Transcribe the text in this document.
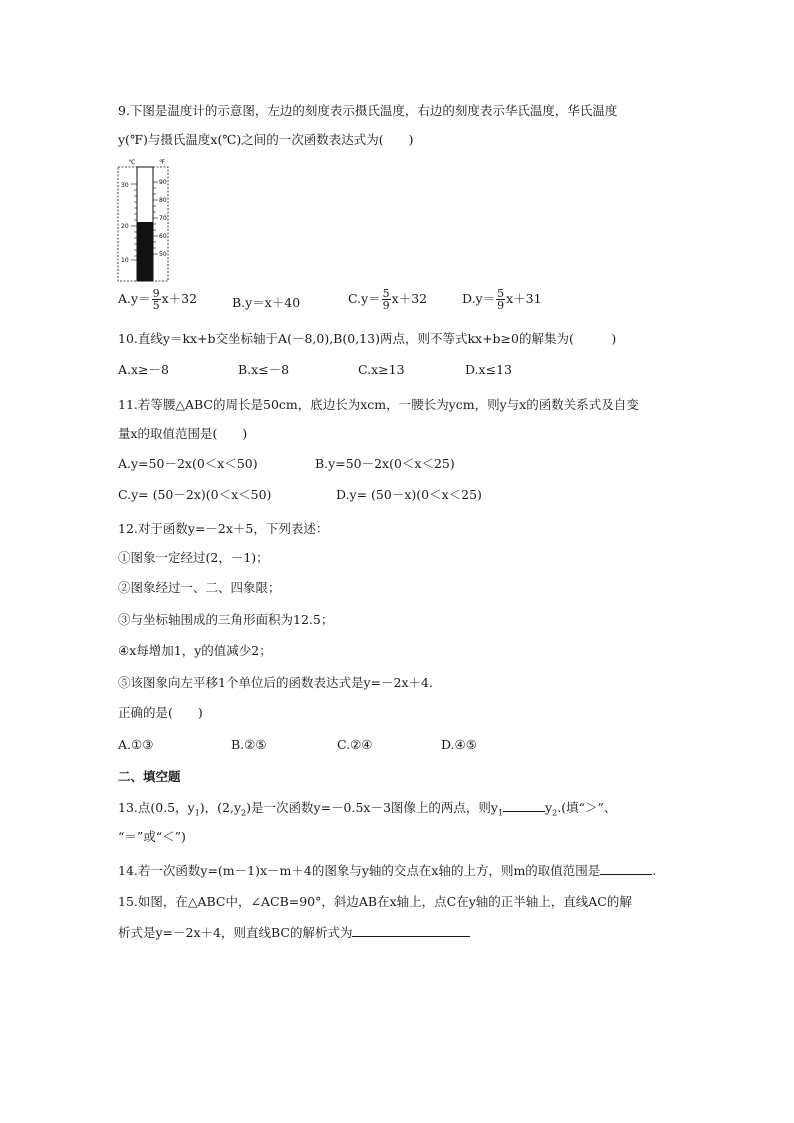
9.下图是温度计的示意图，左边的刻度表示摄氏温度，右边的刻度表示华氏温度，华氏温度
y(℉)与摄氏温度x(℃)之间的一次函数表达式为(　　)
℃	℉
30
20
10
90
80
70
60
50
$A.y= \frac{9}{5} x+32$	B.y＝x＋40	$C.y= \frac{5}{9} x+32$	$D.y= \frac{5}{9} x+31$
10.直线y＝kx+b交坐标轴于A(－8,0),B(0,13)两点，则不等式kx+b≥0的解集为(　　　)
A.x≥－8	B.x≤－8	C.x≥13	D.x≤13
11.若等腰△ABC的周长是50cm，底边长为xcm，一腰长为ycm，则y与x的函数关系式及自变
量x的取值范围是(　　)
A.y=50－2x(0＜x＜50)	B.y=50－2x(0＜x＜25)
C.y= (50－2x)(0＜x＜50)	D.y= (50－x)(0＜x＜25)
12.对于函数y=－2x＋5，下列表述：
①图象一定经过(2，－1)；
②图象经过一、二、四象限；
③与坐标轴围成的三角形面积为12.5；
④x每增加1，y的值减少2；
⑤该图象向左平移1个单位后的函数表达式是y=－2x＋4.
正确的是(　　)
A.①③	B.②⑤	C.②④	D.④⑤
二、填空题
13.点(0.5，$y_1$)，$(2,y_2)$是一次函数y=－0.5x－3图像上的两点，则$y_1$	$y_2$.(填“＞”、
“＝”或“＜”)
14.若一次函数y=(m－1)x－m＋4的图象与y轴的交点在x轴的上方，则m的取值范围是	.
15.如图，在△ABC中，∠ACB=90°，斜边AB在x轴上，点C在y轴的正半轴上，直线AC的解
析式是y=－2x＋4，则直线BC的解析式为
